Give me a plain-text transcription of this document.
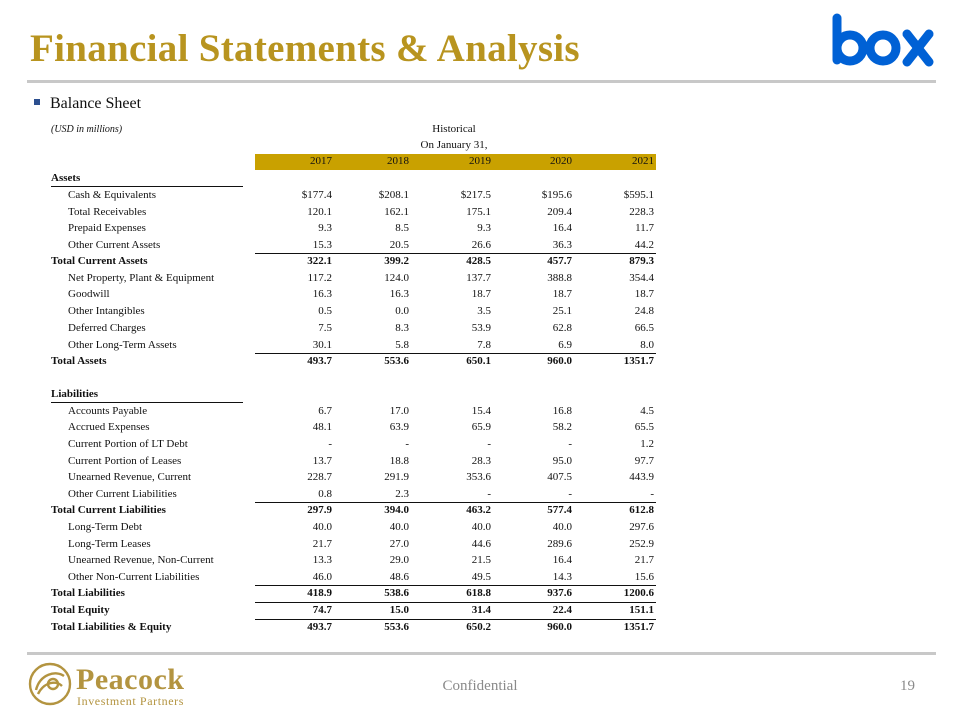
Financial Statements & Analysis
Balance Sheet
(USD in millions)	Historical
On January 31,
2017	2018	2019	2020	2021
Assets
Cash & Equivalents	$177.4	$208.1	$217.5	$195.6	$595.1
Total Receivables	120.1	162.1	175.1	209.4	228.3
Prepaid Expenses	9.3	8.5	9.3	16.4	11.7
Other Current Assets	15.3	20.5	26.6	36.3	44.2
Total Current Assets	322.1	399.2	428.5	457.7	879.3
Net Property, Plant & Equipment	117.2	124.0	137.7	388.8	354.4
Goodwill	16.3	16.3	18.7	18.7	18.7
Other Intangibles	0.5	0.0	3.5	25.1	24.8
Deferred Charges	7.5	8.3	53.9	62.8	66.5
Other Long-Term Assets	30.1	5.8	7.8	6.9	8.0
Total Assets	493.7	553.6	650.1	960.0	1351.7
Liabilities
Accounts Payable	6.7	17.0	15.4	16.8	4.5
Accrued Expenses	48.1	63.9	65.9	58.2	65.5
Current Portion of LT Debt	-	-	-	-	1.2
Current Portion of Leases	13.7	18.8	28.3	95.0	97.7
Unearned Revenue, Current	228.7	291.9	353.6	407.5	443.9
Other Current Liabilities	0.8	2.3	-	-	-
Total Current Liabilities	297.9	394.0	463.2	577.4	612.8
Long-Term Debt	40.0	40.0	40.0	40.0	297.6
Long-Term Leases	21.7	27.0	44.6	289.6	252.9
Unearned Revenue, Non-Current	13.3	29.0	21.5	16.4	21.7
Other Non-Current Liabilities	46.0	48.6	49.5	14.3	15.6
Total Liabilities	418.9	538.6	618.8	937.6	1200.6
Total Equity	74.7	15.0	31.4	22.4	151.1
Total Liabilities & Equity	493.7	553.6	650.2	960.0	1351.7
Peacock
Investment Partners
Confidential	19
